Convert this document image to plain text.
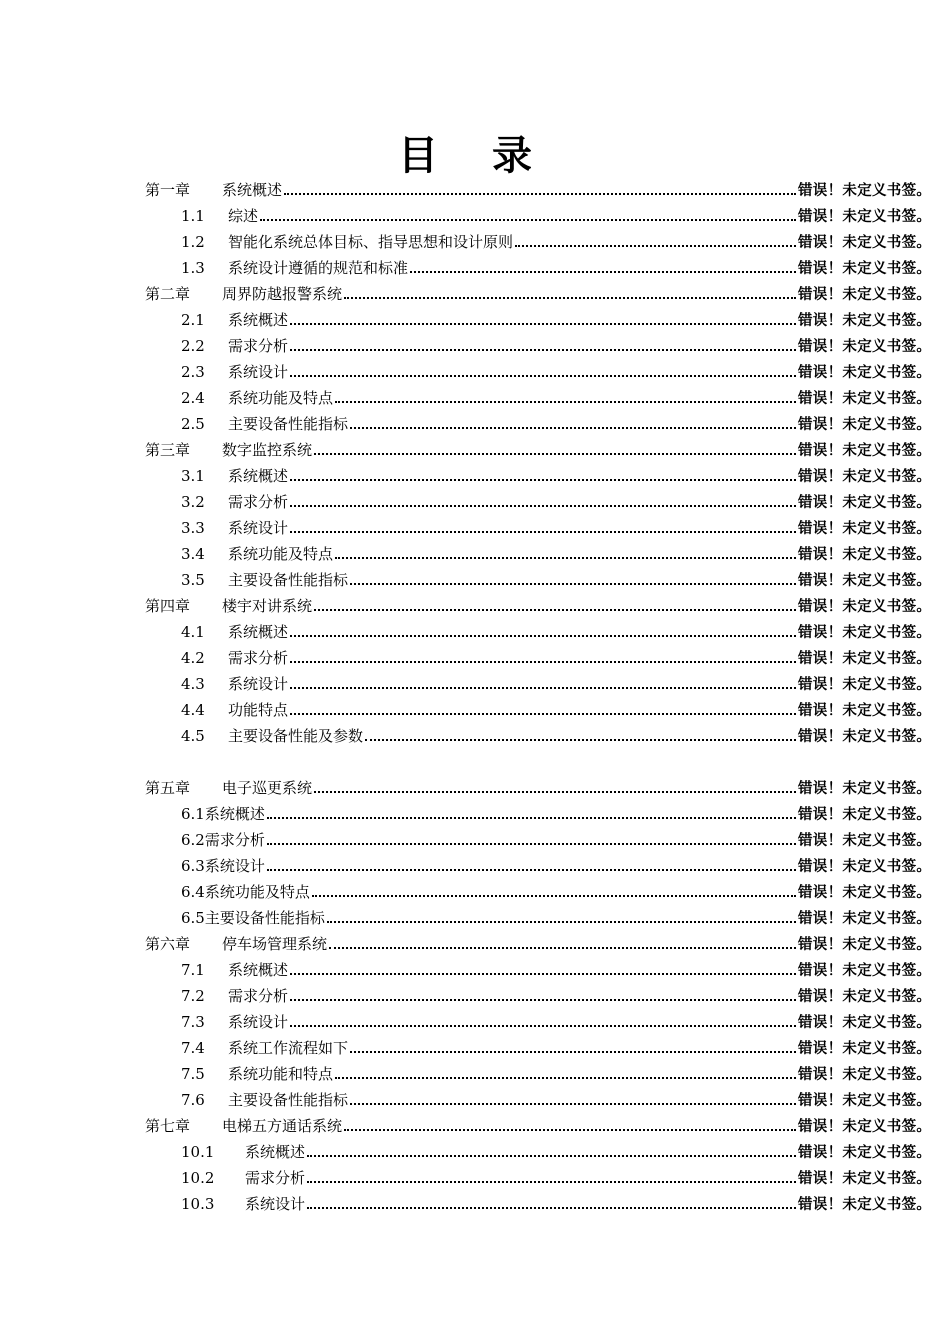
目 录
第一章	系统概述	错误！未定义书签。
1.1	综述	错误！未定义书签。
1.2	智能化系统总体目标、指导思想和设计原则	错误！未定义书签。
1.3	系统设计遵循的规范和标准	错误！未定义书签。
第二章	周界防越报警系统	错误！未定义书签。
2.1	系统概述	错误！未定义书签。
2.2	需求分析	错误！未定义书签。
2.3	系统设计	错误！未定义书签。
2.4	系统功能及特点	错误！未定义书签。
2.5	主要设备性能指标	错误！未定义书签。
第三章	数字监控系统	错误！未定义书签。
3.1	系统概述	错误！未定义书签。
3.2	需求分析	错误！未定义书签。
3.3	系统设计	错误！未定义书签。
3.4	系统功能及特点	错误！未定义书签。
3.5	主要设备性能指标	错误！未定义书签。
第四章	楼宇对讲系统	错误！未定义书签。
4.1	系统概述	错误！未定义书签。
4.2	需求分析	错误！未定义书签。
4.3	系统设计	错误！未定义书签。
4.4	功能特点	错误！未定义书签。
4.5	主要设备性能及参数	错误！未定义书签。
第五章	电子巡更系统	错误！未定义书签。
6.1 系统概述	错误！未定义书签。
6.2 需求分析	错误！未定义书签。
6.3 系统设计	错误！未定义书签。
6.4 系统功能及特点	错误！未定义书签。
6.5 主要设备性能指标	错误！未定义书签。
第六章	停车场管理系统	错误！未定义书签。
7.1	系统概述	错误！未定义书签。
7.2	需求分析	错误！未定义书签。
7.3	系统设计	错误！未定义书签。
7.4	系统工作流程如下	错误！未定义书签。
7.5	系统功能和特点	错误！未定义书签。
7.6	主要设备性能指标	错误！未定义书签。
第七章	电梯五方通话系统	错误！未定义书签。
10.1	系统概述	错误！未定义书签。
10.2	需求分析	错误！未定义书签。
10.3	系统设计	错误！未定义书签。
